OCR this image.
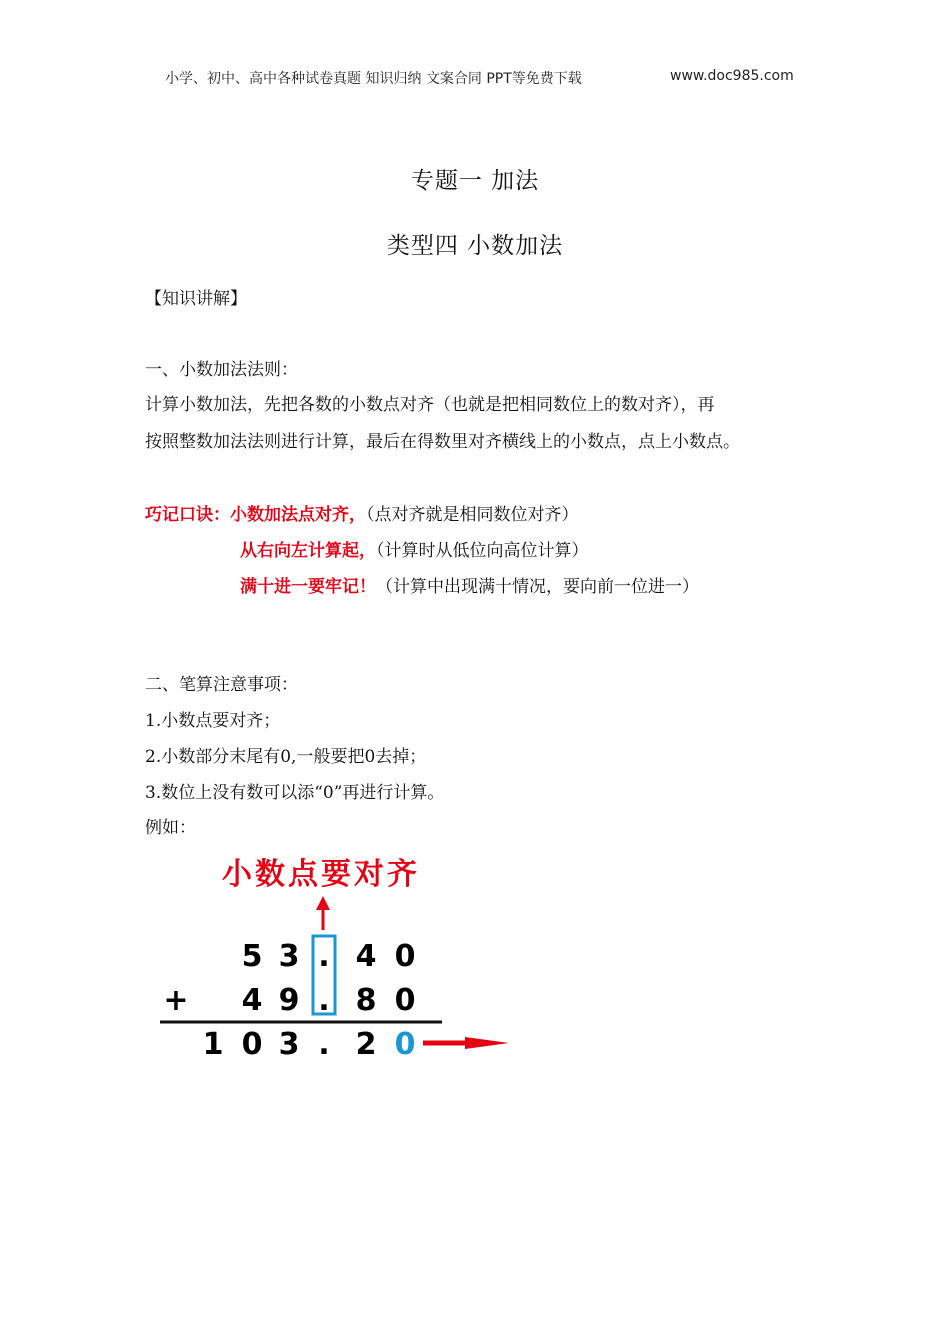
小学、初中、高中各种试卷真题 知识归纳 文案合同 PPT等免费下载	www.doc985.com
专题一 加法
类型四 小数加法
【知识讲解】
一、小数加法法则：
计算小数加法，先把各数的小数点对齐（也就是把相同数位上的数对齐），再
按照整数加法法则进行计算，最后在得数里对齐横线上的小数点，点上小数点。
巧记口诀：小数加法点对齐，（点对齐就是相同数位对齐）
从右向左计算起，（计算时从低位向高位计算）
满十进一要牢记！（计算中出现满十情况，要向前一位进一）
二、笔算注意事项：
1.小数点要对齐；
2.小数部分末尾有0,一般要把0去掉；
3.数位上没有数可以添“0”再进行计算。
例如：
小数点要对齐
5 3 . 4 0
+ 4 9 . 8 0
1 0 3 . 2 0
